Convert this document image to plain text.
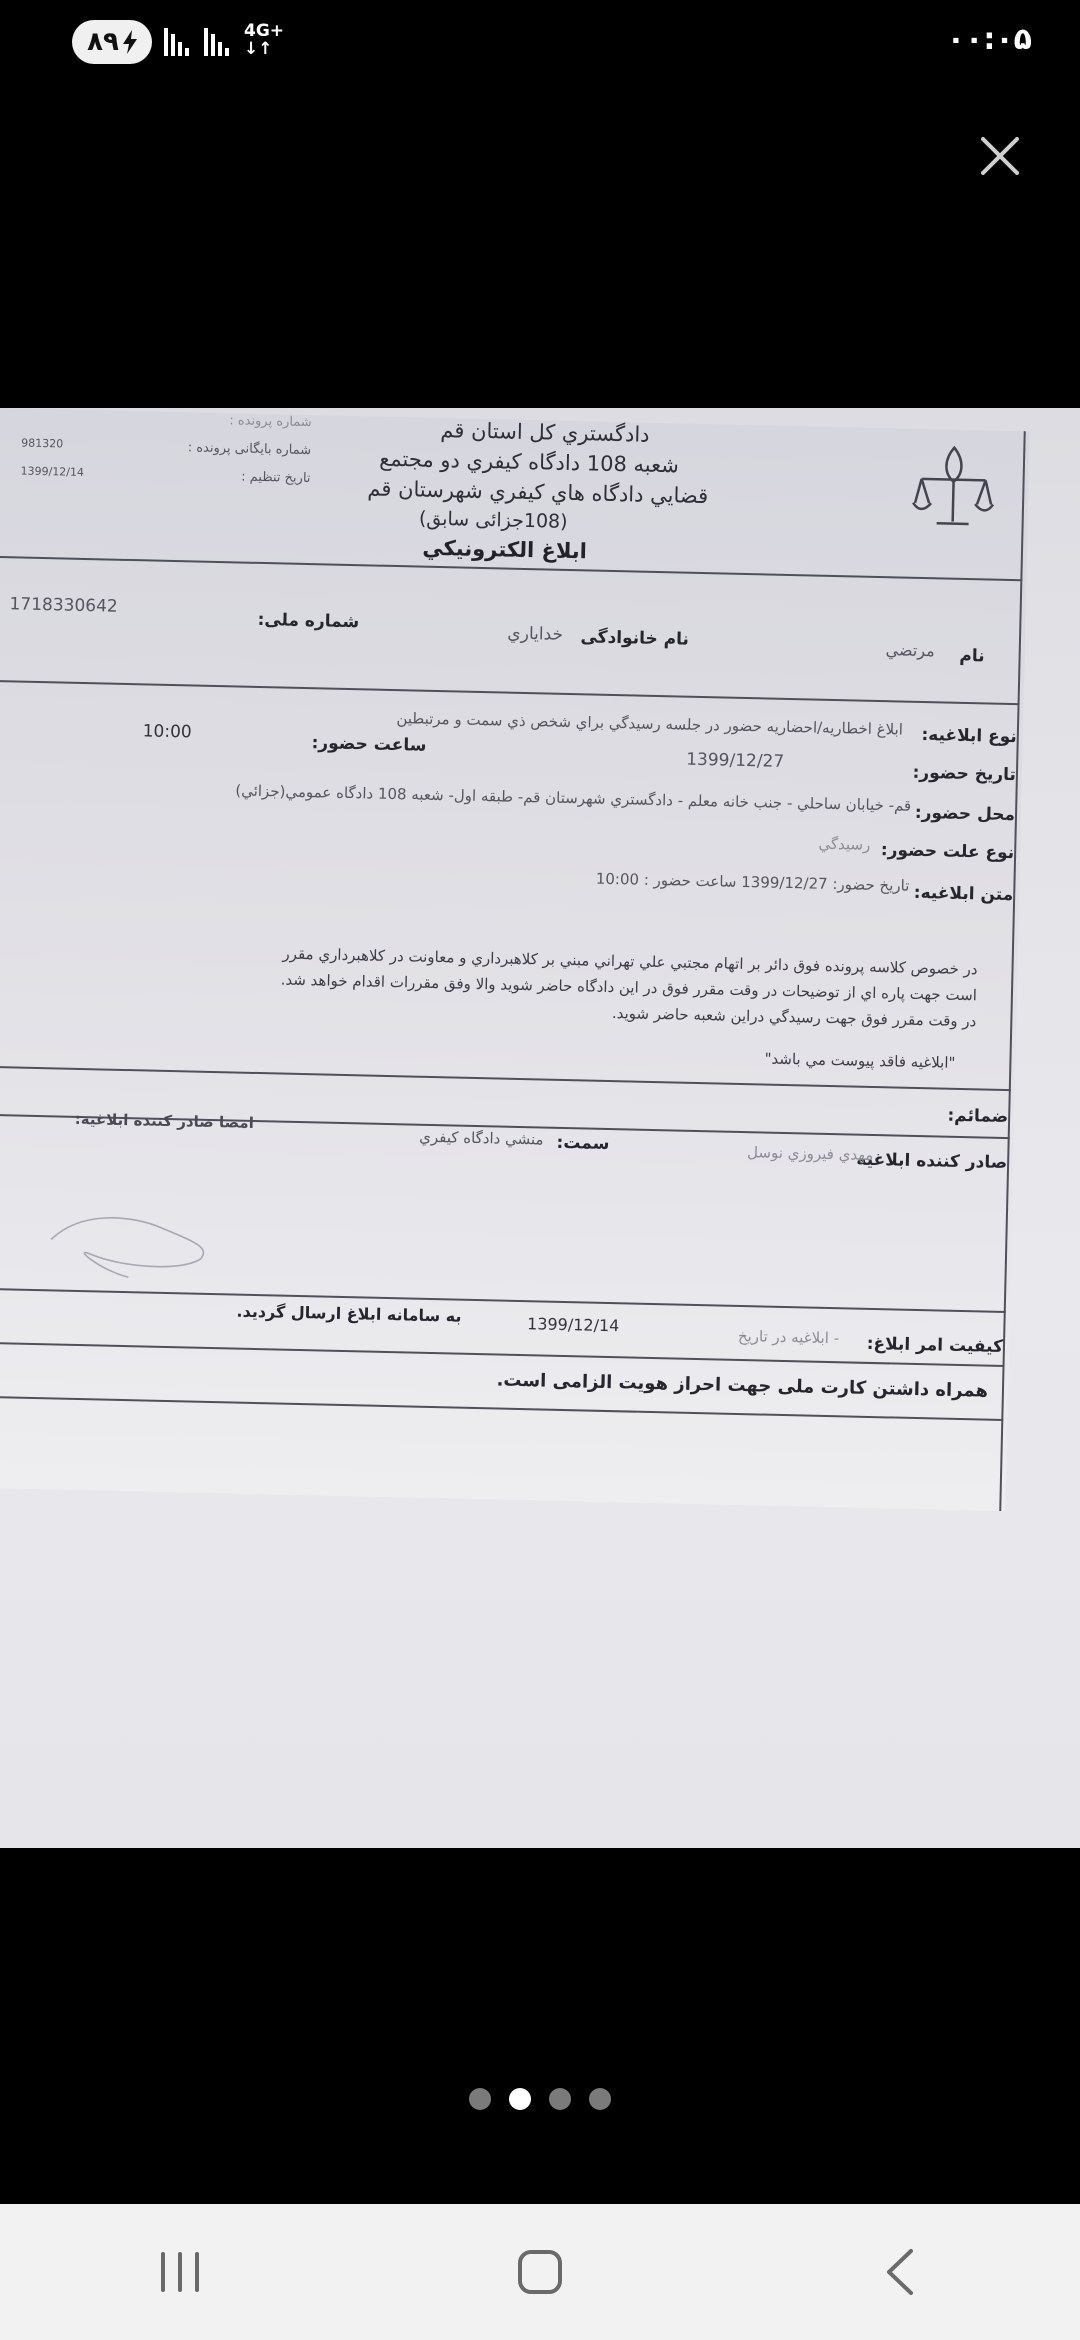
۸۹	4G+
↓↑	۰۰:۰۵
شماره پرونده :
شماره بایگانی پرونده :
981320
تاریخ تنظیم :
1399/12/14
دادگستري كل استان قم
شعبه 108 دادگاه كيفري دو مجتمع
قضايي دادگاه هاي كيفري شهرستان قم
(108جزائی سابق)
ابلاغ الكترونيكي
نام
مرتضي
نام خانوادگی
خداياري
شماره ملی:
1718330642
نوع ابلاغیه:
ابلاغ اخطاريه/احضاريه حضور در جلسه رسيدگي براي شخص ذي سمت و مرتبطين
تاریخ حضور:
1399/12/27
ساعت حضور:
10:00
محل حضور:
قم- خيابان ساحلي - جنب خانه معلم - دادگستري شهرستان قم- طبقه اول- شعبه 108 دادگاه عمومي(جزائي)
نوع علت حضور:
رسيدگي
متن ابلاغیه:
تاريخ حضور: 1399/12/27 ساعت حضور : 10:00
در خصوص كلاسه پرونده فوق دائر بر اتهام مجتبي علي تهراني مبني بر كلاهبرداري و معاونت در كلاهبرداري مقرر
است جهت پاره اي از توضيحات در وقت مقرر فوق در اين دادگاه حاضر شويد والا وفق مقررات اقدام خواهد شد.
در وقت مقرر فوق جهت رسيدگي دراين شعبه حاضر شويد.
"ابلاغيه فاقد پيوست مي باشد"
ضمائم:
صادر کننده ابلاغیه
مهدي فيروزي نوسل
سمت:
منشي دادگاه كيفري
امضا صادر کننده ابلاغیه:
کیفیت امر ابلاغ:
- ابلاغيه در تاريخ
1399/12/14
به سامانه ابلاغ ارسال گرديد.
همراه داشتن کارت ملی جهت احراز هویت الزامی است.
